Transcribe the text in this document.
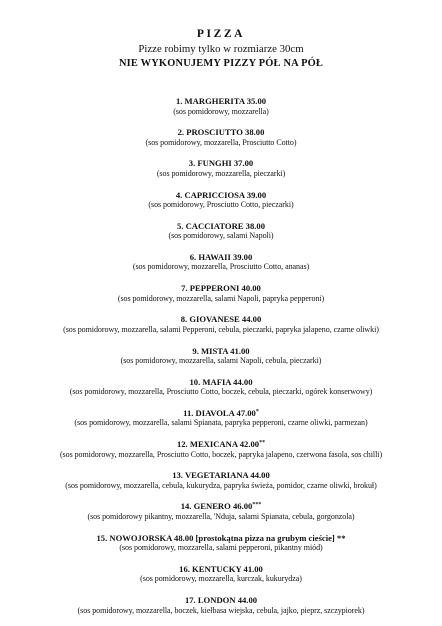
PIZZA
Pizze robimy tylko w rozmiarze 30cm
NIE WYKONUJEMY PIZZY PÓŁ NA PÓŁ
1. MARGHERITA 35.00
(sos pomidorowy, mozzarella)
2. PROSCIUTTO 38.00
(sos pomidorowy, mozzarella, Prosciutto Cotto)
3. FUNGHI 37.00
(sos pomidorowy, mozzarella, pieczarki)
4. CAPRICCIOSA 39.00
(sos pomidorowy, Prosciutto Cotto, pieczarki)
5. CACCIATORE 38.00
(sos pomidorowy, salami Napoli)
6. HAWAII 39.00
(sos pomidorowy, mozzarella, Prosciutto Cotto, ananas)
7. PEPPERONI 40.00
(sos pomidorowy, mozzarella, salami Napoli, papryka pepperoni)
8. GIOVANESE 44.00
(sos pomidorowy, mozzarella, salami Pepperoni, cebula, pieczarki, papryka jalapeno, czarne oliwki)
9. MISTA 41.00
(sos pomidorowy, mozzarella, salami Napoli, cebula, pieczarki)
10. MAFIA 44.00
(sos pomidorowy, mozzarella, Prosciutto Cotto, boczek, cebula, pieczarki, ogórek konserwowy)
11. DIAVOLA 47.00*
(sos pomidorowy, mozzarella, salami Spianata, papryka pepperoni, czarne oliwki, parmezan)
12. MEXICANA 42.00**
(sos pomidorowy, mozzarella, Prosciutto Cotto, boczek, papryka jalapeno, czerwona fasola, sos chilli)
13. VEGETARIANA 44.00
(sos pomidorowy, mozzarella, cebula, kukurydza, papryka świeża, pomidor, czarne oliwki, brokuł)
14. GENERO 46.00***
(sos pomidorowy pikantny, mozzarella, 'Nduja, salami Spianata, cebula, gorgonzola)
15. NOWOJORSKA 48.00 [prostokątna pizza na grubym cieście] **
(sos pomidorowy, mozzarella, salami pepperoni, pikantny miód)
16. KENTUCKY 41.00
(sos pomidorowy, mozzarella, kurczak, kukurydza)
17. LONDON 44.00
(sos pomidorowy, mozzarella, boczek, kiełbasa wiejska, cebula, jajko, pieprz, szczypiorek)
